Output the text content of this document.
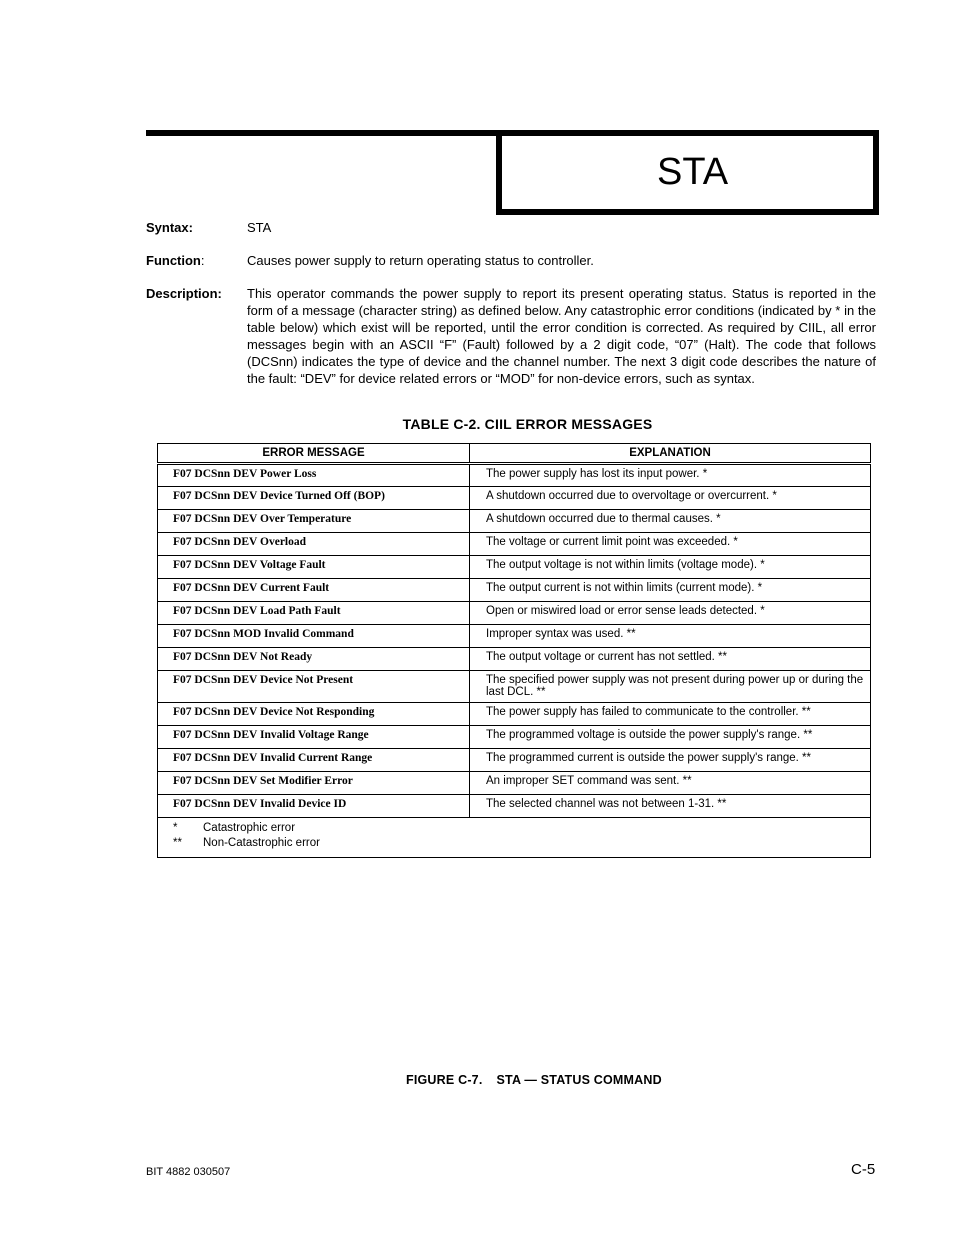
STA
Syntax:	STA
Function:	Causes power supply to return operating status to controller.
Description: This operator commands the power supply to report its present operating status. Status is reported in the form of a message (character string) as defined below. Any catastrophic error conditions (indicated by * in the table below) which exist will be reported, until the error condition is corrected. As required by CIIL, all error messages begin with an ASCII “F” (Fault) followed by a 2 digit code, “07” (Halt). The code that follows (DCSnn) indicates the type of device and the channel number. The next 3 digit code describes the nature of the fault: “DEV” for device related errors or “MOD” for non-device errors, such as syntax.
TABLE C-2. CIIL ERROR MESSAGES
ERROR MESSAGE	EXPLANATION
F07 DCSnn DEV Power Loss	The power supply has lost its input power. *
F07 DCSnn DEV Device Turned Off (BOP)	A shutdown occurred due to overvoltage or overcurrent. *
F07 DCSnn DEV Over Temperature	A shutdown occurred due to thermal causes. *
F07 DCSnn DEV Overload	The voltage or current limit point was exceeded. *
F07 DCSnn DEV Voltage Fault	The output voltage is not within limits (voltage mode). *
F07 DCSnn DEV Current Fault	The output current is not within limits (current mode). *
F07 DCSnn DEV Load Path Fault	Open or miswired load or error sense leads detected. *
F07 DCSnn MOD Invalid Command	Improper syntax was used. **
F07 DCSnn DEV Not Ready	The output voltage or current has not settled. **
F07 DCSnn DEV Device Not Present	The specified power supply was not present during power up or during the last DCL. **
F07 DCSnn DEV Device Not Responding	The power supply has failed to communicate to the controller. **
F07 DCSnn DEV Invalid Voltage Range	The programmed voltage is outside the power supply's range. **
F07 DCSnn DEV Invalid Current Range	The programmed current is outside the power supply's range. **
F07 DCSnn DEV Set Modifier Error	An improper SET command was sent. **
F07 DCSnn DEV Invalid Device ID	The selected channel was not between 1-31. **

* Catastrophic error
** Non-Catastrophic error	
FIGURE C-7. STA — STATUS COMMAND
BIT 4882 030507	C-5
